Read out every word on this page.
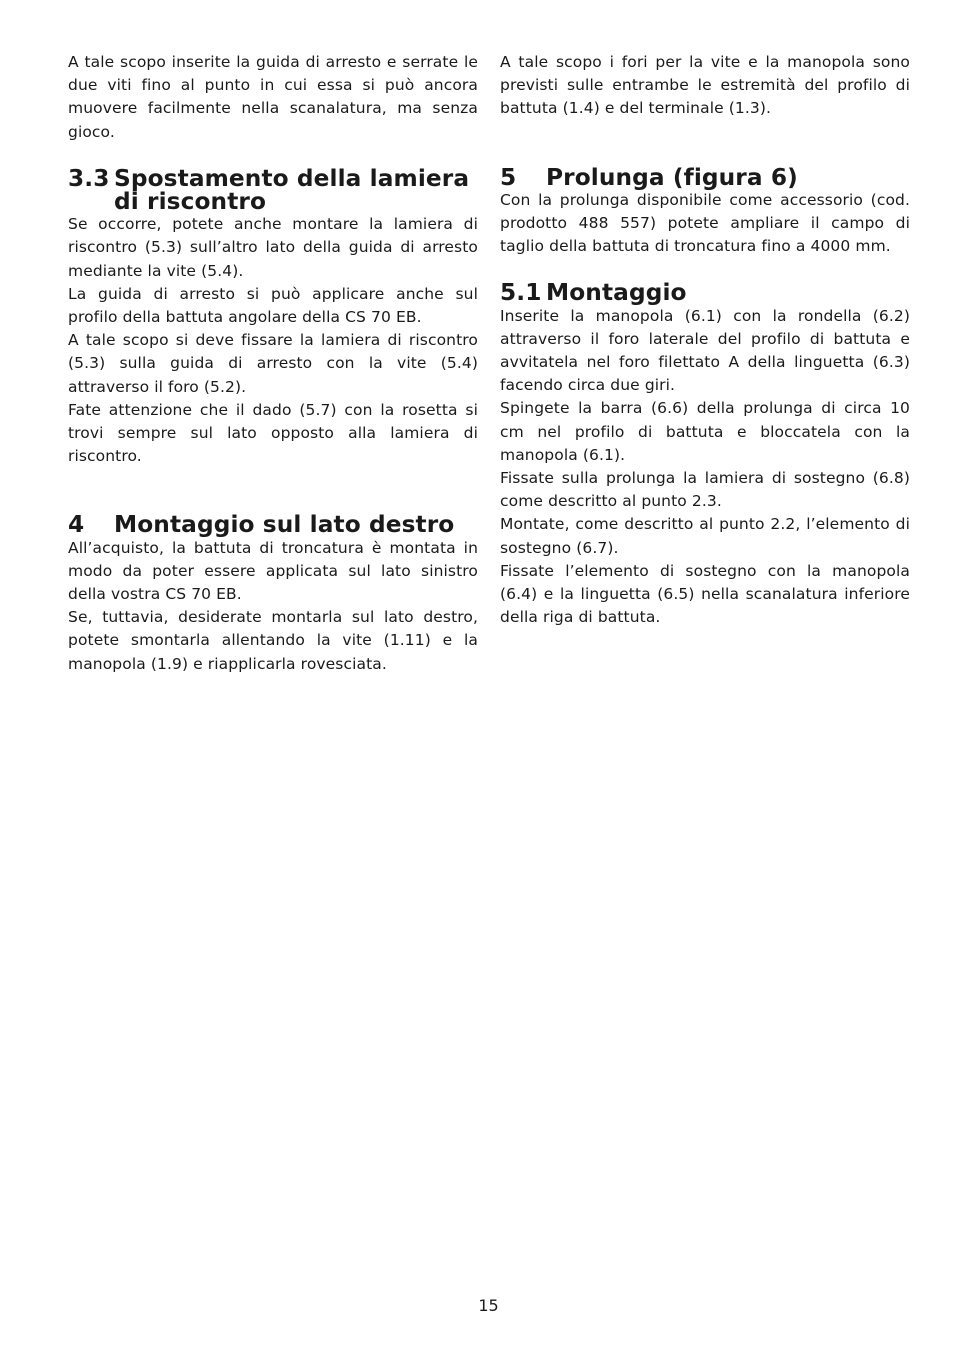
A tale scopo inserite la guida di arresto e serrate le due viti fino al punto in cui essa si può ancora muovere facilmente nella scanalatura, ma senza gioco.

3.3 Spostamento della lamiera di riscontro

Se occorre, potete anche montare la lamiera di riscontro (5.3) sull’altro lato della guida di arresto mediante la vite (5.4).

La guida di arresto si può applicare anche sul profilo della battuta angolare della CS 70 EB.

A tale scopo si deve fissare la lamiera di riscontro (5.3) sulla guida di arresto con la vite (5.4) attraverso il foro (5.2).

Fate attenzione che il dado (5.7) con la rosetta si trovi sempre sul lato opposto alla lamiera di riscontro.

4	Montaggio sul lato destro

All’acquisto, la battuta di troncatura è montata in modo da poter essere applicata sul lato sinistro della vostra CS 70 EB.

Se, tuttavia, desiderate montarla sul lato destro, potete smontarla allentando la vite (1.11) e la manopola (1.9) e riapplicarla rovesciata.

A tale scopo i fori per la vite e la manopola sono previsti sulle entrambe le estremità del profilo di battuta (1.4) e del terminale (1.3).

5	Prolunga (figura 6)

Con la prolunga disponibile come accessorio (cod. prodotto 488 557) potete ampliare il campo di taglio della battuta di troncatura fino a 4000 mm.

5.1 Montaggio

Inserite la manopola (6.1) con la rondella (6.2) attraverso il foro laterale del profilo di battuta e avvitatela nel foro filettato A della linguetta (6.3) facendo circa due giri.

Spingete la barra (6.6) della prolunga di circa 10 cm nel profilo di battuta e bloccatela con la manopola (6.1).

Fissate sulla prolunga la lamiera di sostegno (6.8) come descritto al punto 2.3.

Montate, come descritto al punto 2.2, l’elemento di sostegno (6.7).

Fissate l’elemento di sostegno con la manopola (6.4) e la linguetta (6.5) nella scanalatura inferiore della riga di battuta.

15
